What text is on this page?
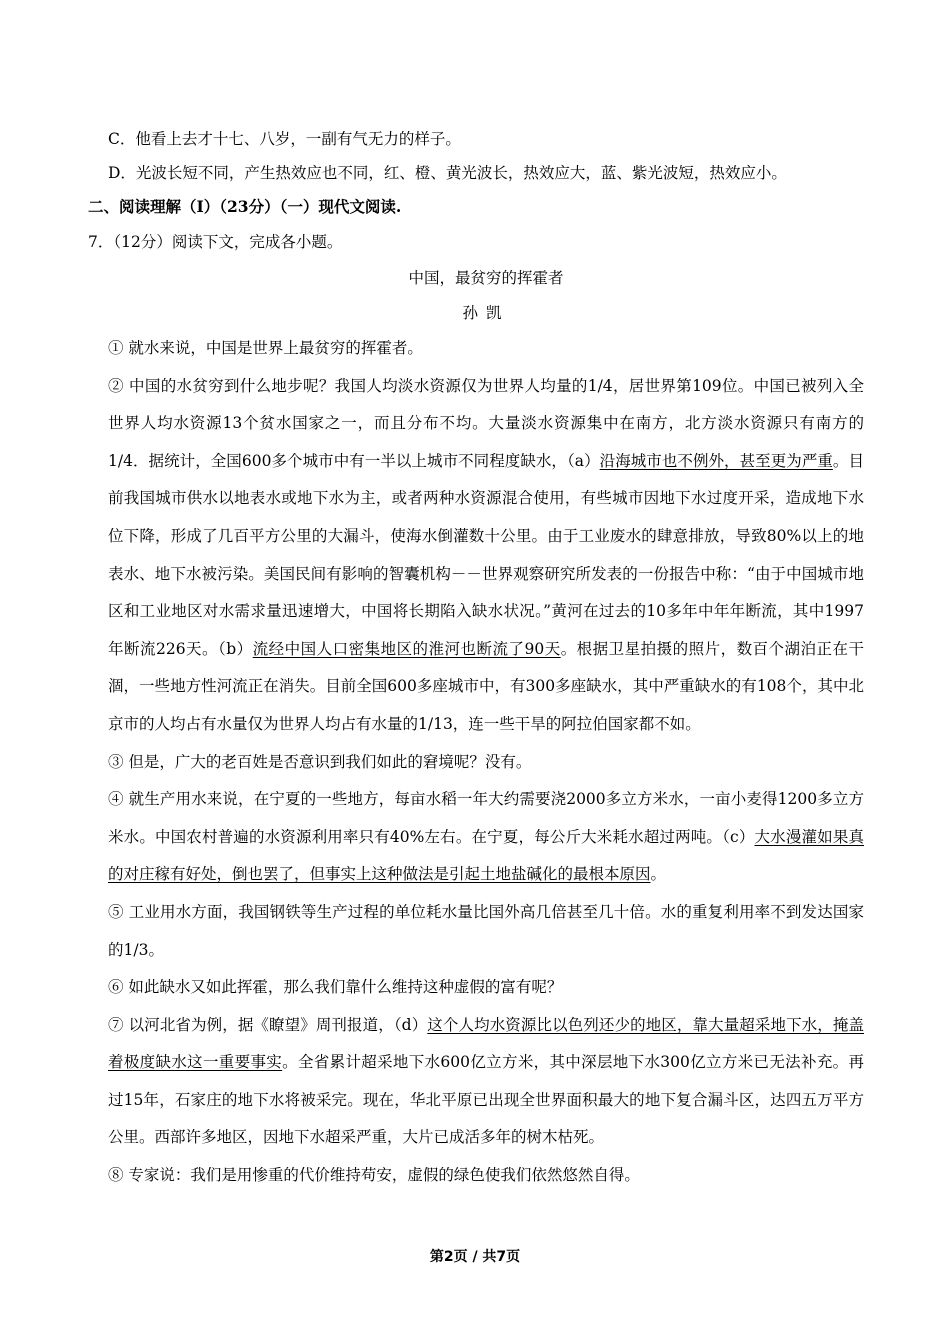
C．他看上去才十七、八岁，一副有气无力的样子。

D．光波长短不同，产生热效应也不同，红、橙、黄光波长，热效应大，蓝、紫光波短，热效应小。

二、阅读理解（Ⅰ）（23分）（一）现代文阅读.

7．（12分）阅读下文，完成各小题。

中国，最贫穷的挥霍者

孙凯

① 就水来说，中国是世界上最贫穷的挥霍者。

② 中国的水贫穷到什么地步呢？我国人均淡水资源仅为世界人均量的1/4，居世界第109位。中国已被列入全世界人均水资源13个贫水国家之一，而且分布不均。大量淡水资源集中在南方，北方淡水资源只有南方的1/4．据统计，全国600多个城市中有一半以上城市不同程度缺水，（a）沿海城市也不例外，甚至更为严重。目前我国城市供水以地表水或地下水为主，或者两种水资源混合使用，有些城市因地下水过度开采，造成地下水位下降，形成了几百平方公里的大漏斗，使海水倒灌数十公里。由于工业废水的肆意排放，导致80%以上的地表水、地下水被污染。美国民间有影响的智囊机构－－世界观察研究所发表的一份报告中称：“由于中国城市地区和工业地区对水需求量迅速增大，中国将长期陷入缺水状况。”黄河在过去的10多年中年年断流，其中1997年断流226天。（b）流经中国人口密集地区的淮河也断流了90天。根据卫星拍摄的照片，数百个湖泊正在干涸，一些地方性河流正在消失。目前全国600多座城市中，有300多座缺水，其中严重缺水的有108个，其中北京市的人均占有水量仅为世界人均占有水量的1/13，连一些干旱的阿拉伯国家都不如。

③ 但是，广大的老百姓是否意识到我们如此的窘境呢？没有。

④ 就生产用水来说，在宁夏的一些地方，每亩水稻一年大约需要浇2000多立方米水，一亩小麦得1200多立方米水。中国农村普遍的水资源利用率只有40%左右。在宁夏，每公斤大米耗水超过两吨。（c）大水漫灌如果真的对庄稼有好处，倒也罢了，但事实上这种做法是引起土地盐碱化的最根本原因。

⑤ 工业用水方面，我国钢铁等生产过程的单位耗水量比国外高几倍甚至几十倍。水的重复利用率不到发达国家的1/3。

⑥ 如此缺水又如此挥霍，那么我们靠什么维持这种虚假的富有呢？

⑦ 以河北省为例，据《瞭望》周刊报道，（d）这个人均水资源比以色列还少的地区，靠大量超采地下水，掩盖着极度缺水这一重要事实。全省累计超采地下水600亿立方米，其中深层地下水300亿立方米已无法补充。再过15年，石家庄的地下水将被采完。现在，华北平原已出现全世界面积最大的地下复合漏斗区，达四五万平方公里。西部许多地区，因地下水超采严重，大片已成活多年的树木枯死。

⑧ 专家说：我们是用惨重的代价维持苟安，虚假的绿色使我们依然悠然自得。

第2页 / 共7页
